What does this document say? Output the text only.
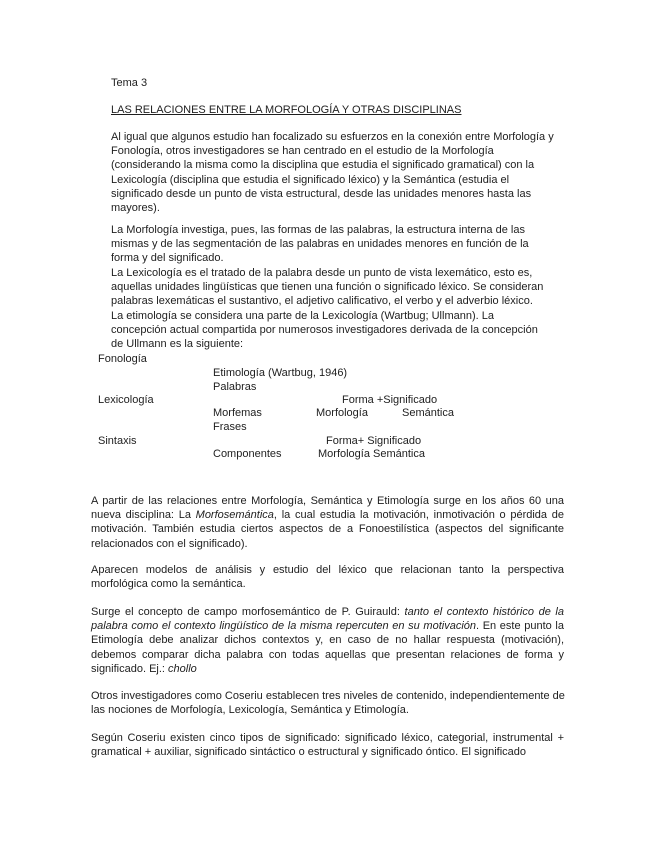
Tema 3

LAS RELACIONES ENTRE LA MORFOLOGÍA Y OTRAS DISCIPLINAS

Al igual que algunos estudio han focalizado su esfuerzos en la conexión entre Morfología y Fonología, otros investigadores se han centrado en el estudio de la Morfología (considerando la misma como la disciplina que estudia el significado gramatical) con la Lexicología (disciplina que estudia el significado léxico) y la Semántica (estudia el significado desde un punto de vista estructural, desde las unidades menores hasta las mayores).

La Morfología investiga, pues, las formas de las palabras, la estructura interna de las mismas y de las segmentación de las palabras en unidades menores en función de la forma y del significado.

La Lexicología es el tratado de la palabra desde un punto de vista lexemático, esto es, aquellas unidades lingüísticas que tienen una función o significado léxico. Se consideran palabras lexemáticas el sustantivo, el adjetivo calificativo, el verbo y el adverbio léxico.

La etimología se considera una parte de la Lexicología (Wartbug; Ullmann). La concepción actual compartida por numerosos investigadores derivada de la concepción de Ullmann es la siguiente:

Fonología

Etimología (Wartbug, 1946)

Palabras

Lexicología	Forma +Significado

Morfemas	Morfología	Semántica

Frases

Sintaxis	Forma+ Significado

Componentes	Morfología Semántica

A partir de las relaciones entre Morfología, Semántica y Etimología surge en los años 60 una nueva disciplina: La Morfosemántica, la cual estudia la motivación, inmotivación o pérdida de motivación. También estudia ciertos aspectos de a Fonoestilística (aspectos del significante relacionados con el significado).

Aparecen modelos de análisis y estudio del léxico que relacionan tanto la perspectiva morfológica como la semántica.

Surge el concepto de campo morfosemántico de P. Guirauld: tanto el contexto histórico de la palabra como el contexto lingüístico de la misma repercuten en su motivación. En este punto la Etimología debe analizar dichos contextos y, en caso de no hallar respuesta (motivación), debemos comparar dicha palabra con todas aquellas que presentan relaciones de forma y significado. Ej.: chollo

Otros investigadores como Coseriu establecen tres niveles de contenido, independientemente de las nociones de Morfología, Lexicología, Semántica y Etimología.

Según Coseriu existen cinco tipos de significado: significado léxico, categorial, instrumental + gramatical + auxiliar, significado sintáctico o estructural y significado óntico. El significado
